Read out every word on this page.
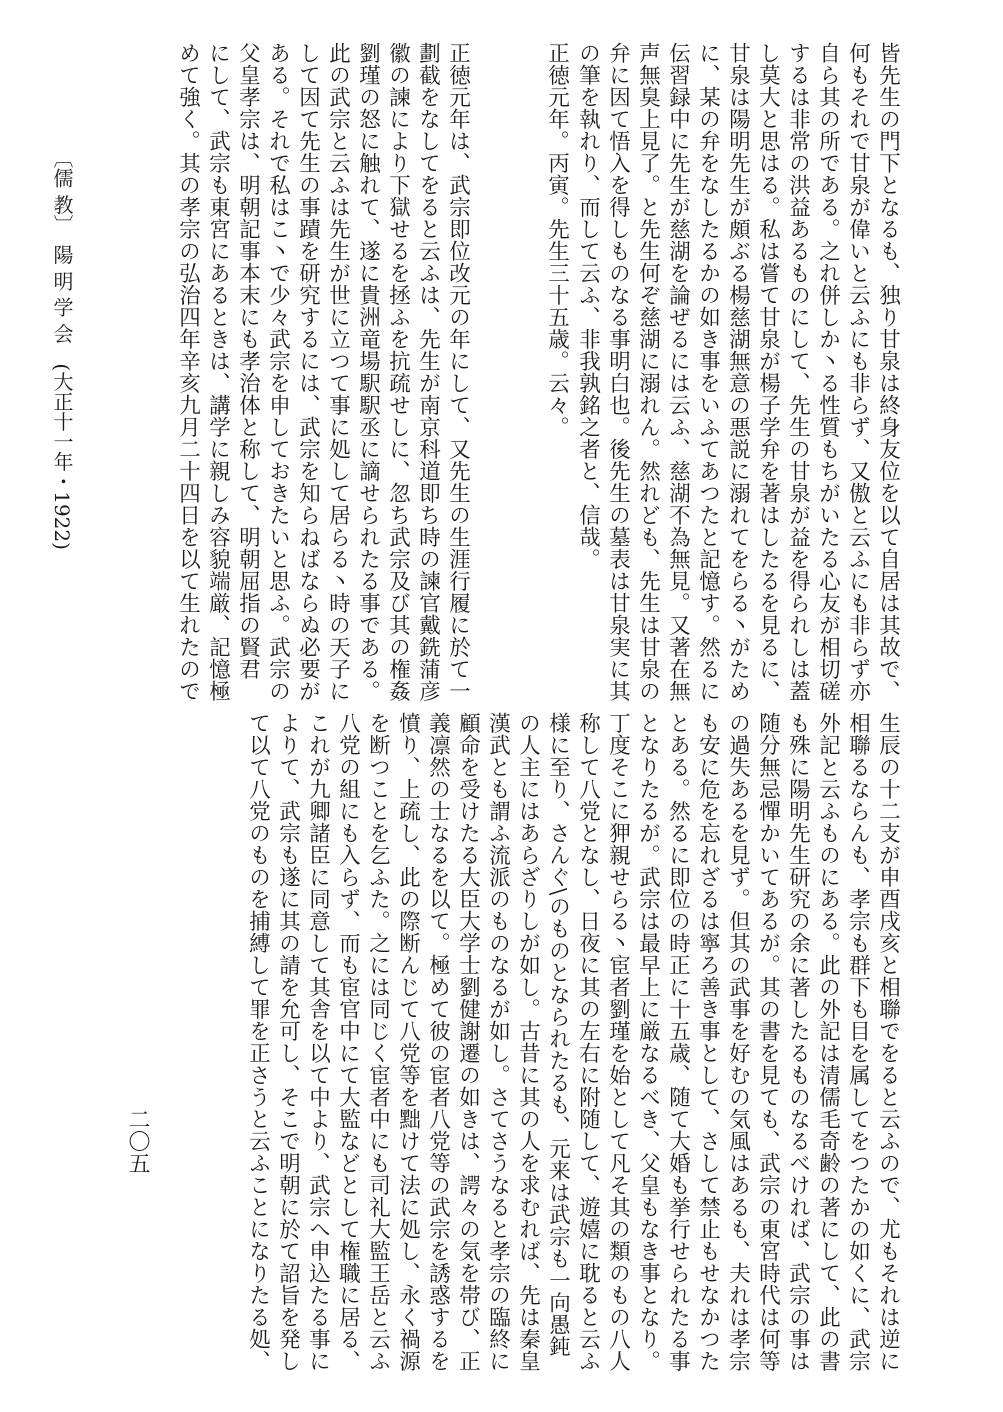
皆先生の門下となるも、独り甘泉は終身友位を以て自居は其故で、
何もそれで甘泉が偉いと云ふにも非らず、又傲と云ふにも非らず亦
自ら其の所である。之れ併しか丶る性質もちがいたる心友が相切磋
するは非常の洪益あるものにして、先生の甘泉が益を得られしは蓋
し莫大と思はる。私は嘗て甘泉が楊子学弁を著はしたるを見るに、
甘泉は陽明先生が頗ぶる楊慈湖無意の悪説に溺れてをらる丶がため
に、某の弁をなしたるかの如き事をいふてあつたと記憶す。然るに
伝習録中に先生が慈湖を論ぜるには云ふ、慈湖不為無見。又著在無
声無臭上見了。と先生何ぞ慈湖に溺れん。然れども、先生は甘泉の
弁に因て悟入を得しものなる事明白也。後先生の墓表は甘泉実に其
の筆を執れり、而して云ふ、非我孰銘之者と、信哉。
正徳元年。丙寅。先生三十五歳。云々。
正徳元年は、武宗即位改元の年にして、又先生の生涯行履に於て一
劃截をなしてをると云ふは、先生が南京科道即ち時の諫官戴銑蒲彦
徽の諫により下獄せるを拯ふを抗疏せしに、忽ち武宗及び其の権姦
劉瑾の怒に触れて、遂に貴洲竜場駅駅丞に謫せられたる事である。
此の武宗と云ふは先生が世に立つて事に処して居らる丶時の天子に
して因て先生の事蹟を研究するには、武宗を知らねばならぬ必要が
ある。それで私はこ丶で少々武宗を申しておきたいと思ふ。武宗の
父皇孝宗は、明朝記事本末にも孝治体と称して、明朝屈指の賢君
にして、武宗も東宮にあるときは、講学に親しみ容貌端厳、記憶極
めて強く。其の孝宗の弘治四年辛亥九月二十四日を以て生れたので
生辰の十二支が申酉戌亥と相聯でをると云ふので、尤もそれは逆に
相聯るならんも、孝宗も群下も目を属してをつたかの如くに、武宗
外記と云ふものにある。此の外記は清儒毛奇齢の著にして、此の書
も殊に陽明先生研究の余に著したるものなるべければ、武宗の事は
随分無忌憚かいてあるが。其の書を見ても、武宗の東宮時代は何等
の過失あるを見ず。但其の武事を好むの気風はあるも、夫れは孝宗
も安に危を忘れざるは寧ろ善き事として、さして禁止もせなかつた
とある。然るに即位の時正に十五歳、随て大婚も挙行せられたる事
となりたるが。武宗は最早上に厳なるべき、父皇もなき事となり。
丁度そこに狎親せらる丶宦者劉瑾を始として凡そ其の類のもの八人
称して八党となし、日夜に其の左右に附随して、遊嬉に耽ると云ふ
様に至り、さんぐ\のものとなられたるも、元来は武宗も一向愚鈍
の人主にはあらざりしが如し。古昔に其の人を求むれば、先は秦皇
漢武とも謂ふ流派のものなるが如し。さてさうなると孝宗の臨終に
顧命を受けたる大臣大学士劉健謝遷の如きは、諤々の気を帯び、正
義凛然の士なるを以て。極めて彼の宦者八党等の武宗を誘惑するを
憤り、上疏し、此の際断んじて八党等を黜けて法に処し、永く禍源
を断つことを乞ふた。之には同じく宦者中にも司礼大監王岳と云ふ
八党の組にも入らず、而も宦官中にて大監などとして権職に居る、
これが九卿諸臣に同意して其舎を以て中より、武宗へ申込たる事に
よりて、武宗も遂に其の請を允可し、そこで明朝に於て詔旨を発し
て以て八党のものを捕縛して罪を正さうと云ふことになりたる処、
〔儒 教〕　陽 明 学 会　(大正十一年・1922)
二〇五
